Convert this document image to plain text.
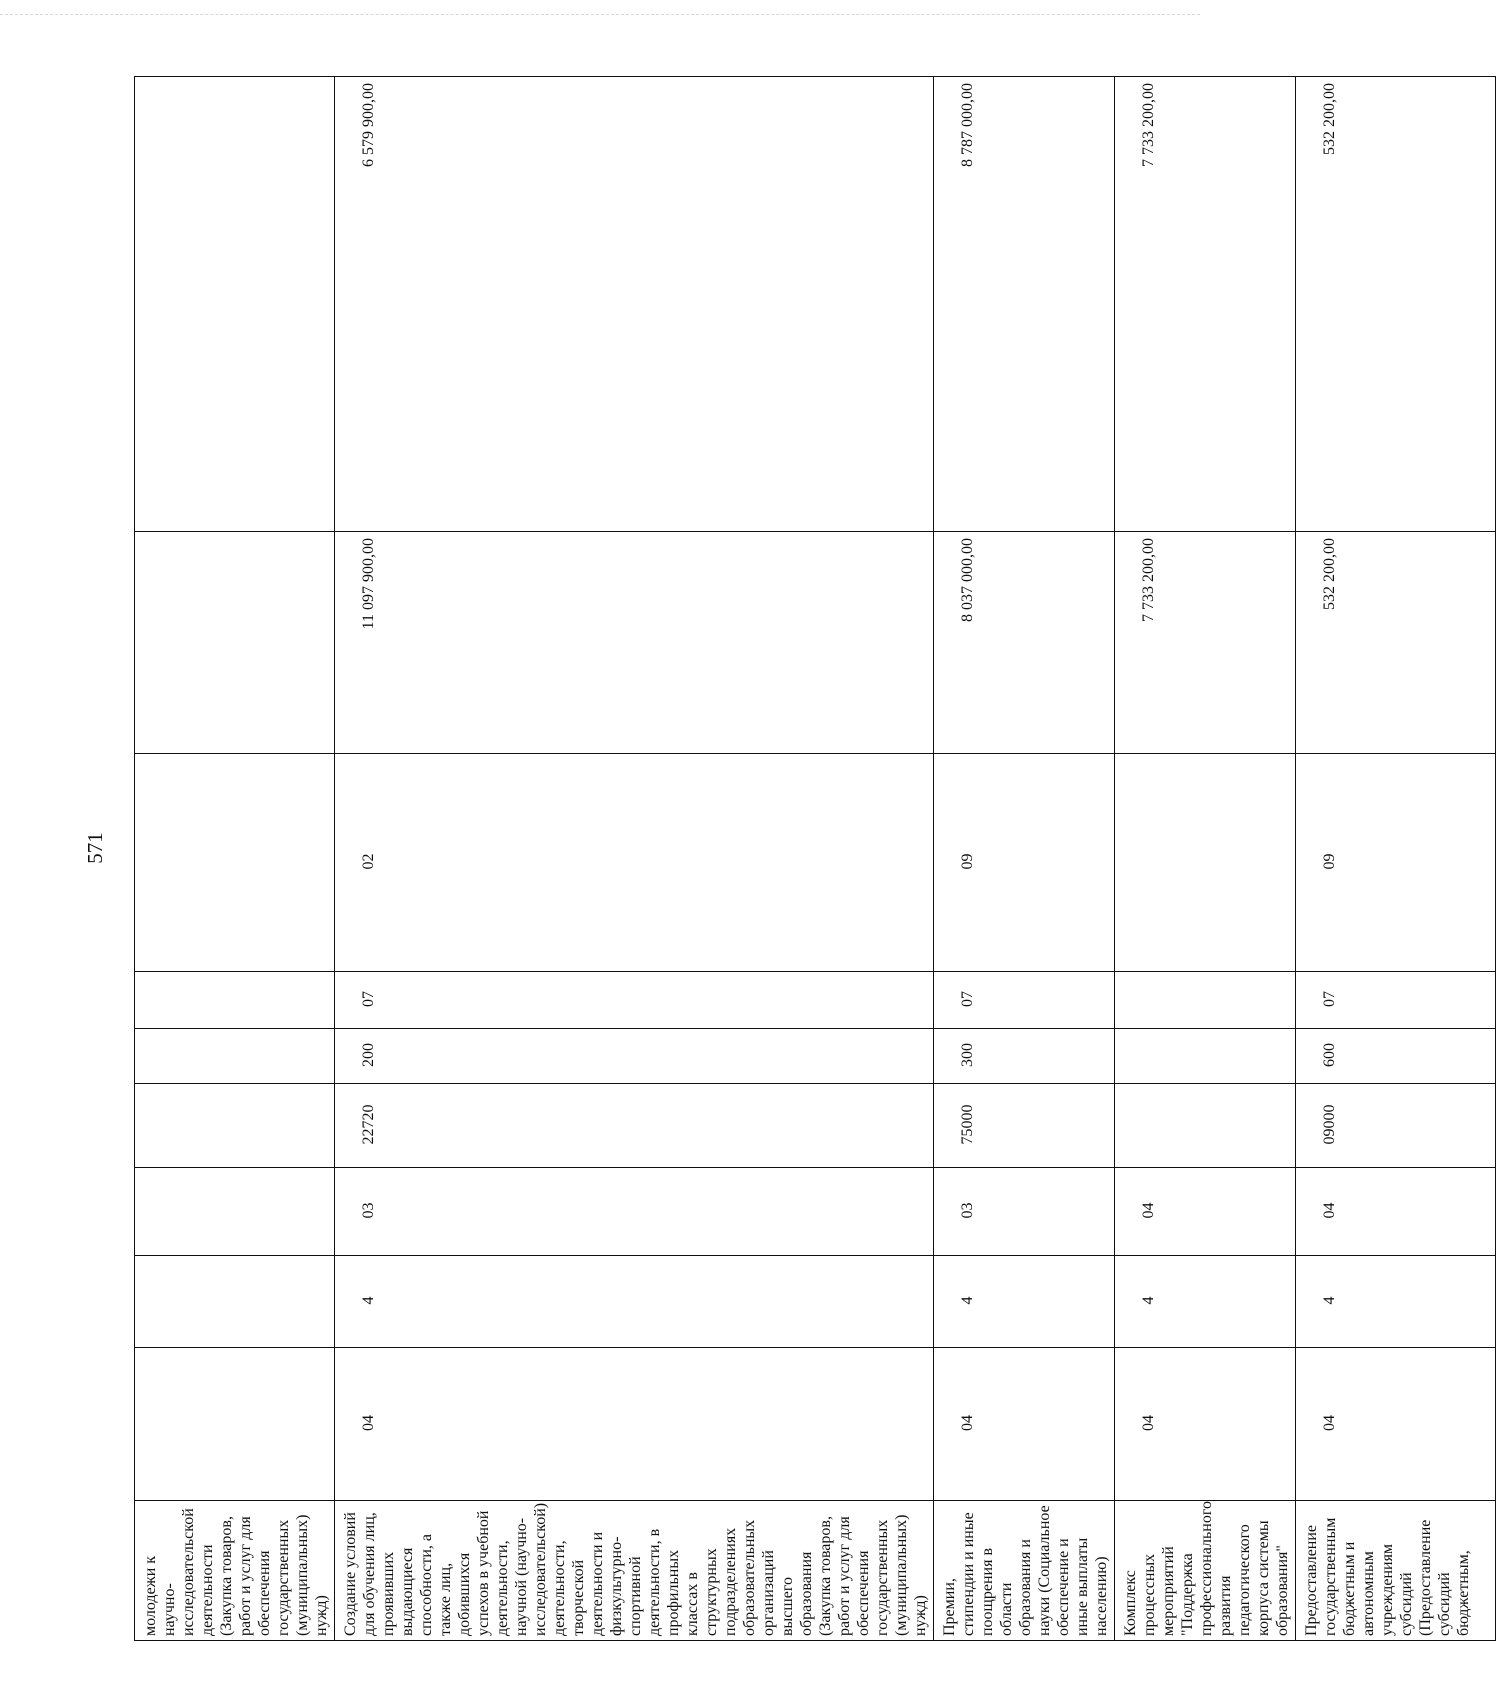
571
молодежи к научно-исследовательской деятельности (Закупка товаров, работ и услуг для обеспечения государственных (муниципальных) нужд)										
Создание условий для обучения лиц, проявивших выдающиеся способности, а также лиц, добившихся успехов в учебной деятельности, научной (научно-исследовательской) деятельности, творческой деятельности и физкультурно-спортивной деятельности, в профильных классах в структурных подразделениях образовательных организаций высшего образования (Закупка товаров, работ и услуг для обеспечения государственных (муниципальных) нужд)	04	4	03	22720	200	07	02	11 097 900,00	6 579 900,00	
Премии, стипендии и иные поощрения в области образования и науки (Социальное обеспечение и иные выплаты населению)	04	4	03	75000	300	07	09	8 037 000,00	8 787 000,00	
Комплекс процессных мероприятий "Поддержка профессионального развития педагогического корпуса системы образования"	04	4	04					7 733 200,00	7 733 200,00	
Предоставление государственным бюджетным и автономным учреждениям субсидий (Предоставление субсидий бюджетным,	04	4	04	09000	600	07	09	532 200,00	532 200,00	
